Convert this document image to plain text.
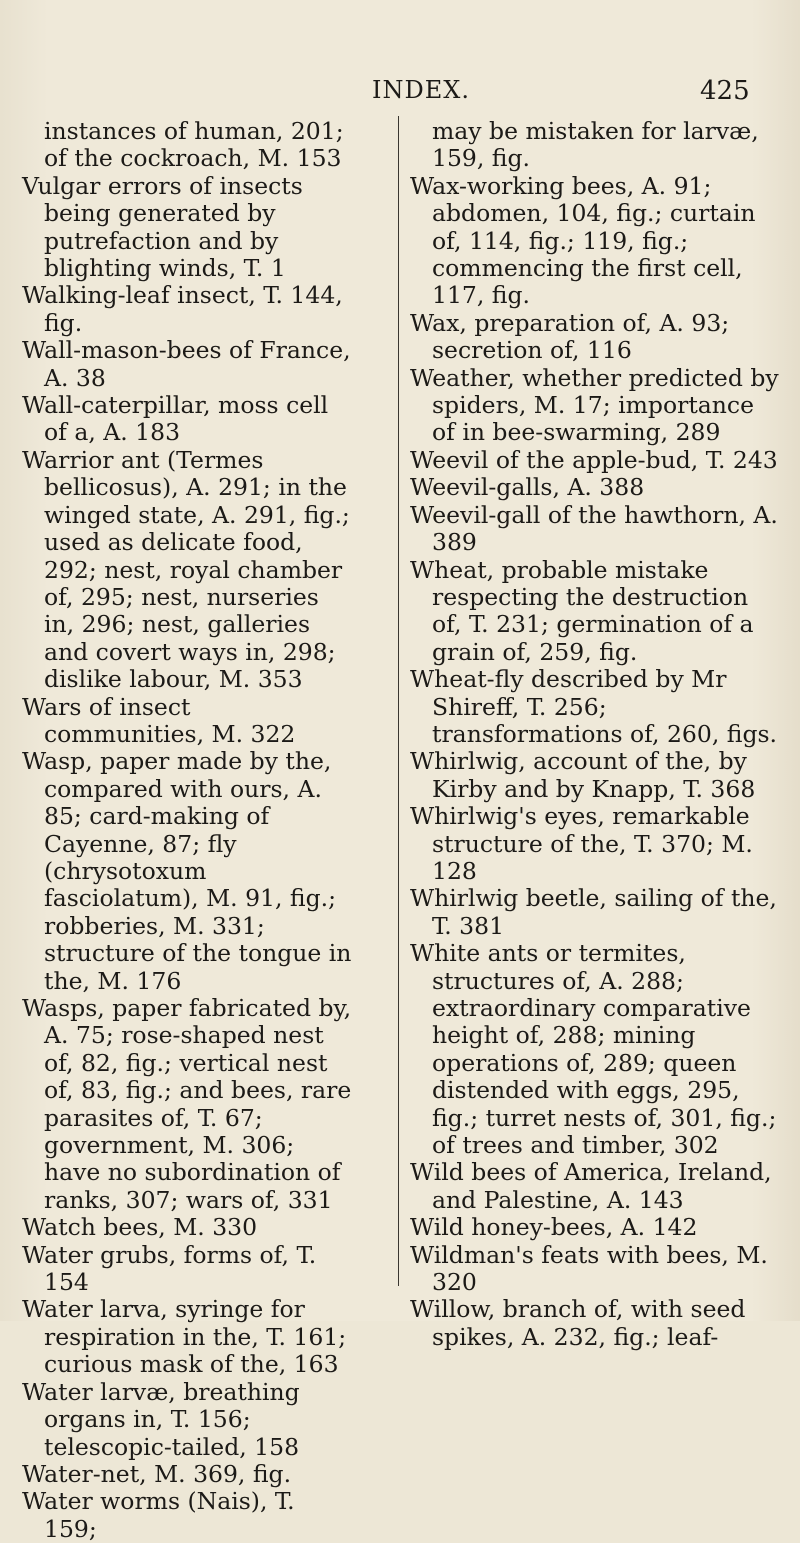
INDEX.	425

instances of human, 201; of the cockroach, M. 153

Vulgar errors of insects being generated by putrefaction and by blighting winds, T. 1

Walking-leaf insect, T. 144, fig.

Wall-mason-bees of France, A. 38

Wall-caterpillar, moss cell of a, A. 183

Warrior ant (Termes bellicosus), A. 291; in the winged state, A. 291, fig.; used as delicate food, 292; nest, royal chamber of, 295; nest, nurseries in, 296; nest, galleries and covert ways in, 298; dislike labour, M. 353

Wars of insect communities, M. 322

Wasp, paper made by the, compared with ours, A. 85; card-making of Cayenne, 87; fly (chrysotoxum fasciolatum), M. 91, fig.; robberies, M. 331; structure of the tongue in the, M. 176

Wasps, paper fabricated by, A. 75; rose-shaped nest of, 82, fig.; vertical nest of, 83, fig.; and bees, rare parasites of, T. 67; government, M. 306; have no subordination of ranks, 307; wars of, 331

Watch bees, M. 330

Water grubs, forms of, T. 154

Water larva, syringe for respiration in the, T. 161; curious mask of the, 163

Water larvæ, breathing organs in, T. 156; telescopic-tailed, 158

Water-net, M. 369, fig.

Water worms (Nais), T. 159;

may be mistaken for larvæ, 159, fig.

Wax-working bees, A. 91; abdomen, 104, fig.; curtain of, 114, fig.; 119, fig.; commencing the first cell, 117, fig.

Wax, preparation of, A. 93; secretion of, 116

Weather, whether predicted by spiders, M. 17; importance of in bee-swarming, 289

Weevil of the apple-bud, T. 243

Weevil-galls, A. 388

Weevil-gall of the hawthorn, A. 389

Wheat, probable mistake respecting the destruction of, T. 231; germination of a grain of, 259, fig.

Wheat-fly described by Mr Shireff, T. 256; transformations of, 260, figs.

Whirlwig, account of the, by Kirby and by Knapp, T. 368

Whirlwig's eyes, remarkable structure of the, T. 370; M. 128

Whirlwig beetle, sailing of the, T. 381

White ants or termites, structures of, A. 288; extraordinary comparative height of, 288; mining operations of, 289; queen distended with eggs, 295, fig.; turret nests of, 301, fig.; of trees and timber, 302

Wild bees of America, Ireland, and Palestine, A. 143

Wild honey-bees, A. 142

Wildman's feats with bees, M. 320

Willow, branch of, with seed spikes, A. 232, fig.; leaf-
